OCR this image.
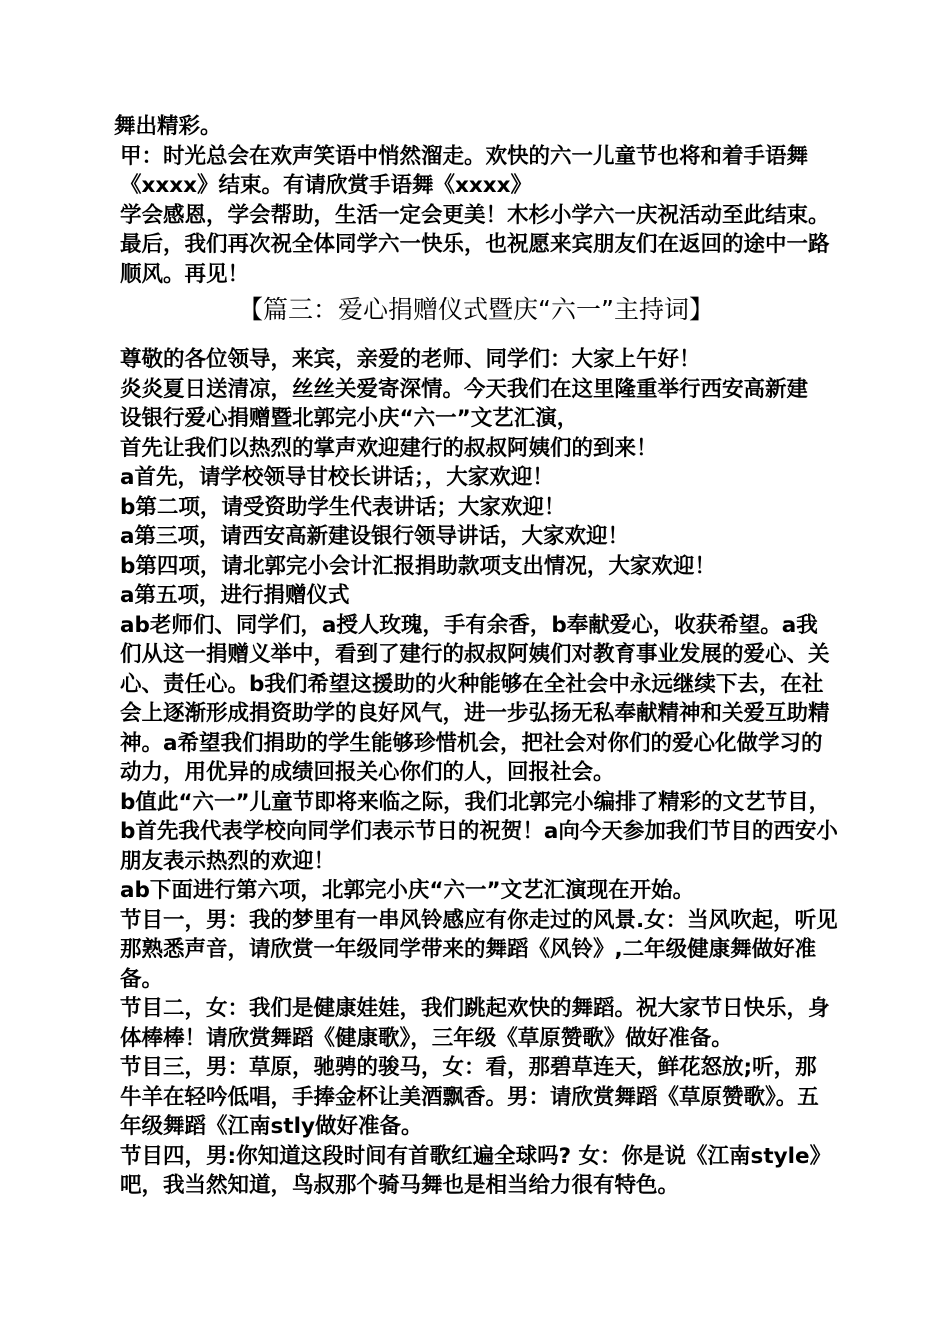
舞出精彩。

甲：时光总会在欢声笑语中悄然溜走。欢快的六一儿童节也将和着手语舞《xxxx》结束。有请欣赏手语舞《xxxx》

学会感恩，学会帮助，生活一定会更美！木杉小学六一庆祝活动至此结束。最后，我们再次祝全体同学六一快乐，也祝愿来宾朋友们在返回的途中一路顺风。再见！

【篇三：爱心捐赠仪式暨庆“六一”主持词】

尊敬的各位领导，来宾，亲爱的老师、同学们：大家上午好！

炎炎夏日送清凉，丝丝关爱寄深情。今天我们在这里隆重举行西安高新建

设银行爱心捐赠暨北郭完小庆“六一”文艺汇演，

首先让我们以热烈的掌声欢迎建行的叔叔阿姨们的到来！

a首先，请学校领导甘校长讲话；，大家欢迎！

b第二项，请受资助学生代表讲话；大家欢迎！

a第三项，请西安高新建设银行领导讲话，大家欢迎！

b第四项，请北郭完小会计汇报捐助款项支出情况，大家欢迎！

a第五项，进行捐赠仪式

ab老师们、同学们，a授人玫瑰，手有余香，b奉献爱心，收获希望。a我们从这一捐赠义举中，看到了建行的叔叔阿姨们对教育事业发展的爱心、关心、责任心。b我们希望这援助的火种能够在全社会中永远继续下去，在社会上逐渐形成捐资助学的良好风气，进一步弘扬无私奉献精神和关爱互助精神。a希望我们捐助的学生能够珍惜机会，把社会对你们的爱心化做学习的动力，用优异的成绩回报关心你们的人，回报社会。

b值此“六一”儿童节即将来临之际，我们北郭完小编排了精彩的文艺节目，b首先我代表学校向同学们表示节日的祝贺！a向今天参加我们节目的西安小朋友表示热烈的欢迎！

ab下面进行第六项，北郭完小庆“六一”文艺汇演现在开始。

节目一，男：我的梦里有一串风铃感应有你走过的风景.女：当风吹起，听见那熟悉声音，请欣赏一年级同学带来的舞蹈《风铃》,二年级健康舞做好准备。

节目二，女：我们是健康娃娃，我们跳起欢快的舞蹈。祝大家节日快乐，身体棒棒！请欣赏舞蹈《健康歌》，三年级《草原赞歌》做好准备。

节目三，男：草原，驰骋的骏马，女：看，那碧草连天，鲜花怒放;听，那牛羊在轻吟低唱，手捧金杯让美酒飘香。男：请欣赏舞蹈《草原赞歌》。五年级舞蹈《江南stly做好准备。

节目四，男:你知道这段时间有首歌红遍全球吗? 女：你是说《江南style》吧，我当然知道，鸟叔那个骑马舞也是相当给力很有特色。
